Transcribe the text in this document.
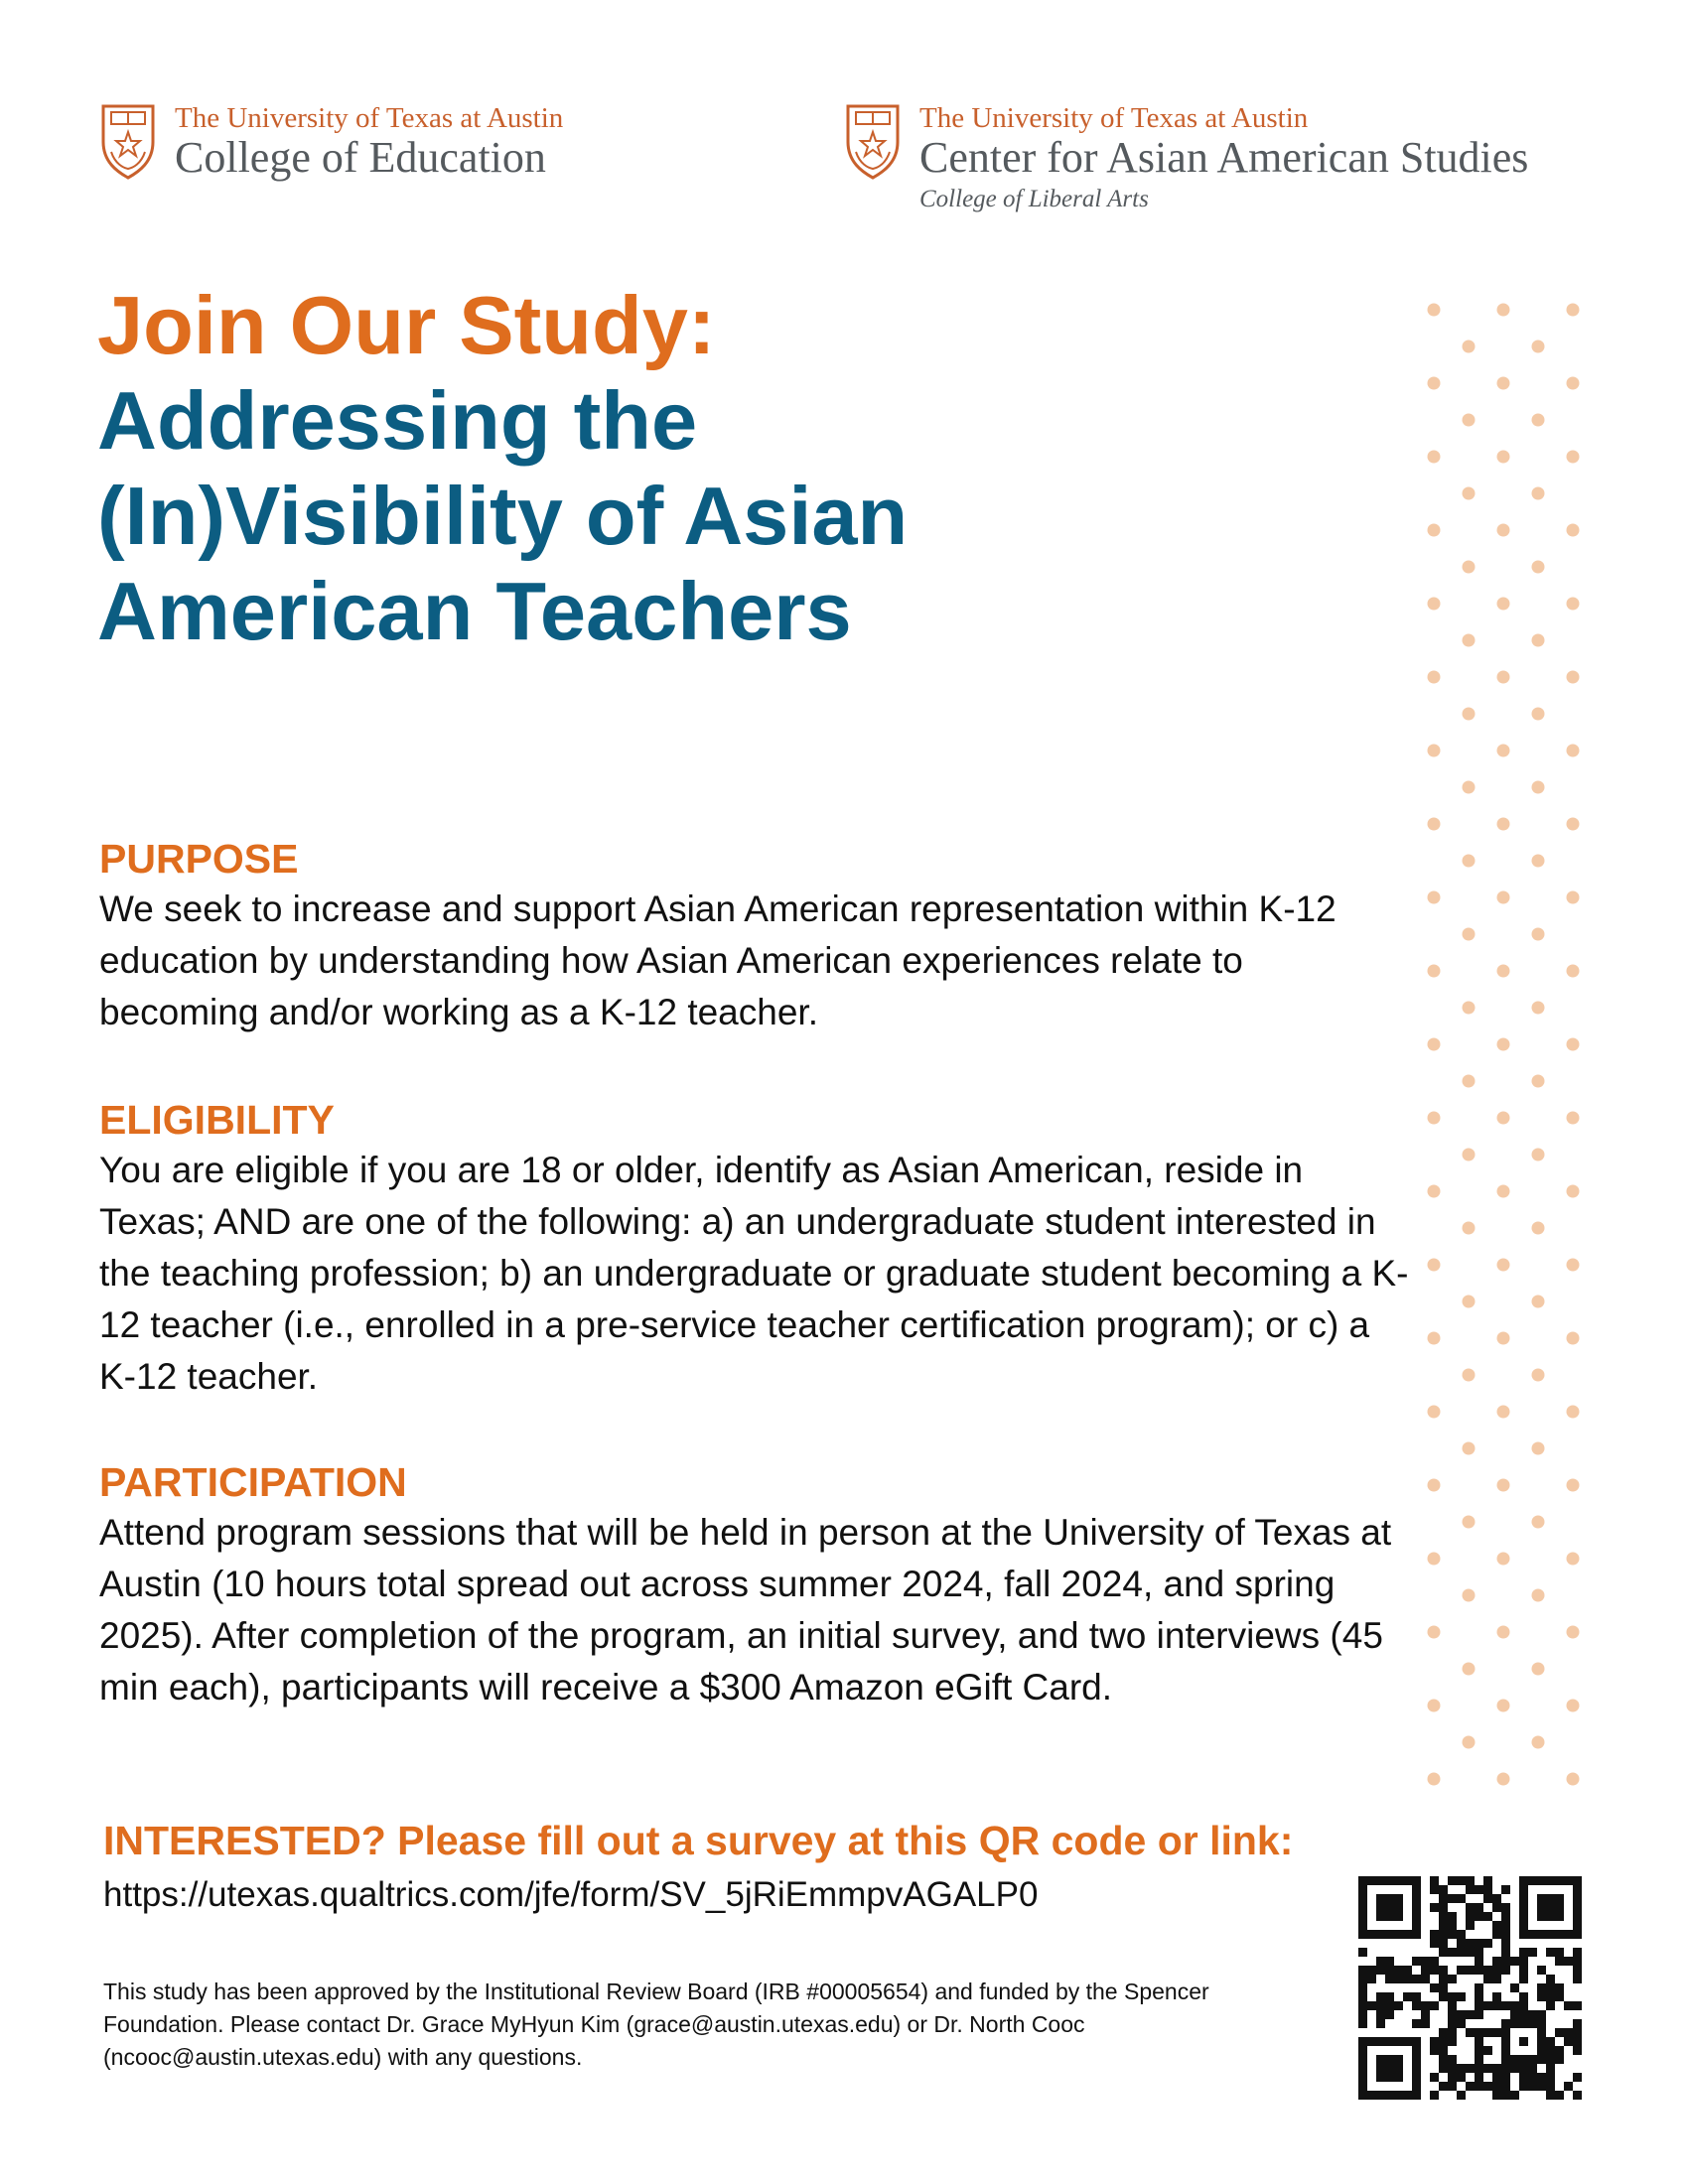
The University of Texas at Austin
College of Education
The University of Texas at Austin
Center for Asian American Studies
College of Liberal Arts
Join Our Study:
Addressing the
(In)Visibility of Asian
American Teachers
PURPOSE
We seek to increase and support Asian American representation within K-12 education by understanding how Asian American experiences relate to becoming and/or working as a K-12 teacher.
ELIGIBILITY
You are eligible if you are 18 or older, identify as Asian American, reside in Texas; AND are one of the following: a) an undergraduate student interested in the teaching profession; b) an undergraduate or graduate student becoming a K-12 teacher (i.e., enrolled in a pre-service teacher certification program); or c) a K-12 teacher.
PARTICIPATION
Attend program sessions that will be held in person at the University of Texas at Austin (10 hours total spread out across summer 2024, fall 2024, and spring 2025). After completion of the program, an initial survey, and two interviews (45 min each), participants will receive a $300 Amazon eGift Card.
INTERESTED? Please fill out a survey at this QR code or link: https://utexas.qualtrics.com/jfe/form/SV_5jRiEmmpvAGALP0
This study has been approved by the Institutional Review Board (IRB #00005654) and funded by the Spencer Foundation. Please contact Dr. Grace MyHyun Kim (grace@austin.utexas.edu) or Dr. North Cooc (ncooc@austin.utexas.edu) with any questions.
